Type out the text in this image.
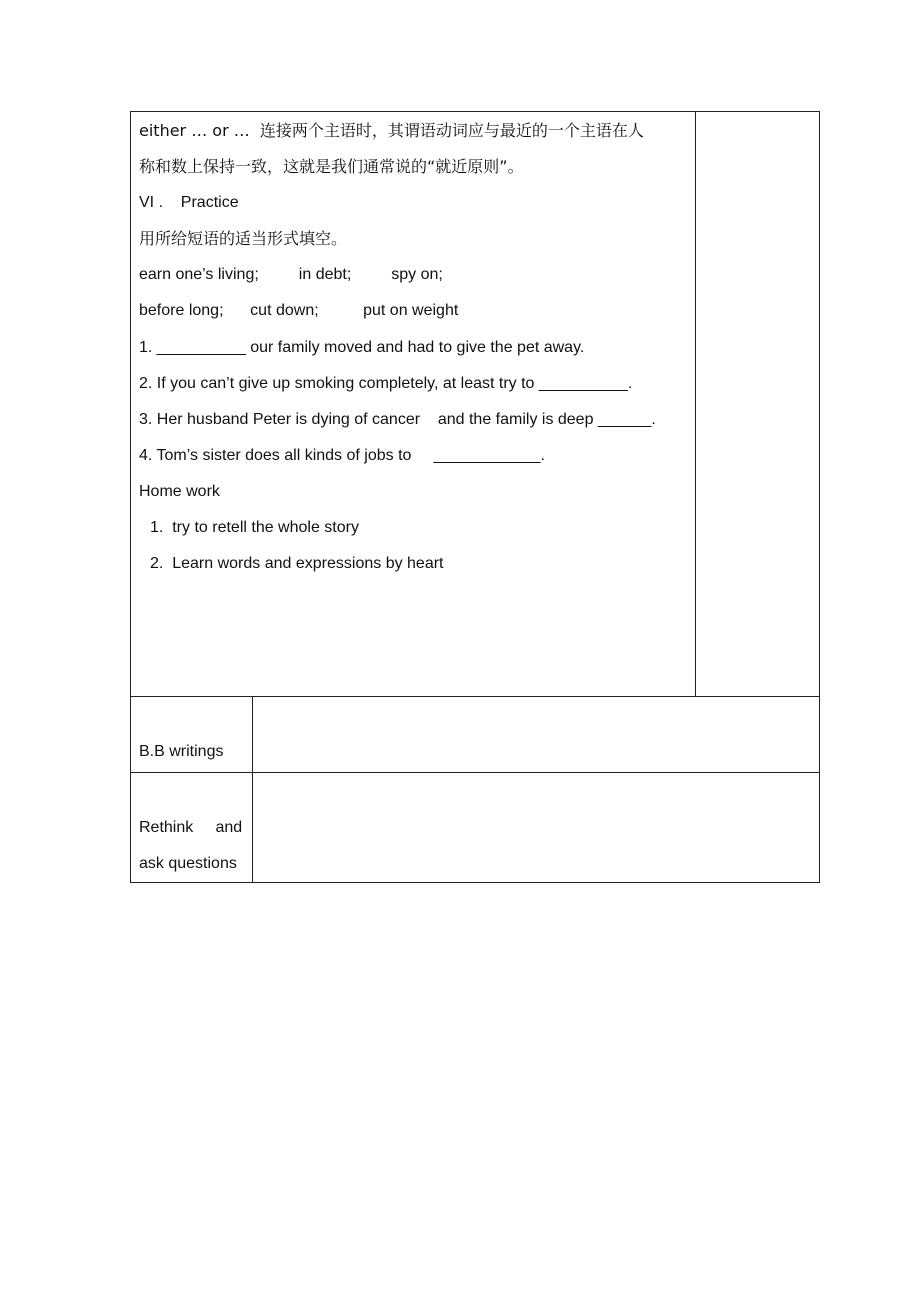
either … or …  连接两个主语时，其谓语动词应与最近的一个主语在人
称和数上保持一致，这就是我们通常说的“就近原则”。
VI .    Practice
用所给短语的适当形式填空。
earn one’s living;         in debt;         spy on;
before long;      cut down;          put on weight
1. __________ our family moved and had to give the pet away.
2. If you can’t give up smoking completely, at least try to __________.
3. Her husband Peter is dying of cancer    and the family is deep ______.
4. Tom’s sister does all kinds of jobs to     ____________.
Home work
1.  try to retell the whole story
2.  Learn words and expressions by heart
B.B writings
Rethink     and
ask questions
